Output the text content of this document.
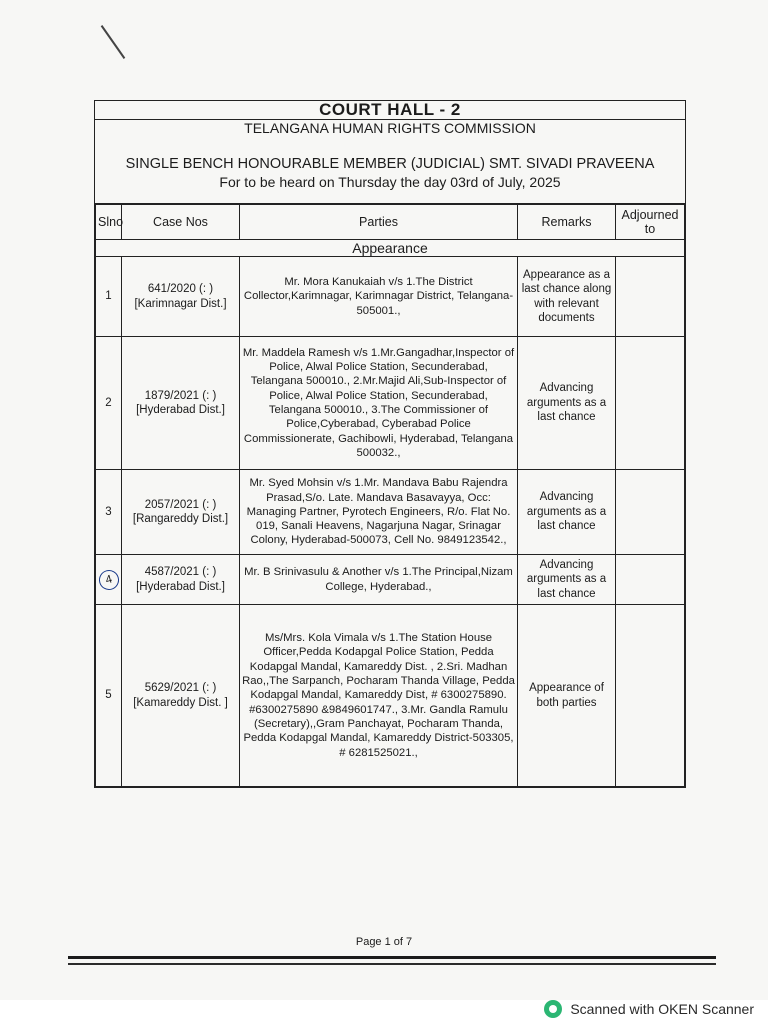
COURT HALL - 2
TELANGANA HUMAN RIGHTS COMMISSION
SINGLE BENCH HONOURABLE MEMBER (JUDICIAL) SMT. SIVADI PRAVEENA
For to be heard on Thursday the day 03rd of July, 2025
Slno	Case Nos	Parties	Remarks	Adjourned to
Appearance				
1	641/2020 (: )
[Karimnagar Dist.]	Mr. Mora Kanukaiah v/s 1.The District Collector,Karimnagar, Karimnagar District, Telangana-505001.,	Appearance as a last chance along with relevant documents	
2	1879/2021 (: )
[Hyderabad Dist.]	Mr. Maddela Ramesh v/s 1.Mr.Gangadhar,Inspector of Police, Alwal Police Station, Secunderabad, Telangana 500010., 2.Mr.Majid Ali,Sub-Inspector of Police, Alwal Police Station, Secunderabad, Telangana 500010., 3.The Commissioner of Police,Cyberabad, Cyberabad Police Commissionerate, Gachibowli, Hyderabad, Telangana 500032.,	Advancing arguments as a last chance	
3	2057/2021 (: )
[Rangareddy Dist.]	Mr. Syed Mohsin v/s 1.Mr. Mandava Babu Rajendra Prasad,S/o. Late. Mandava Basavayya, Occ: Managing Partner, Pyrotech Engineers, R/o. Flat No. 019, Sanali Heavens, Nagarjuna Nagar, Srinagar Colony, Hyderabad-500073, Cell No. 9849123542.,	Advancing arguments as a last chance	
4	4587/2021 (: )
[Hyderabad Dist.]	Mr. B Srinivasulu & Another v/s 1.The Principal,Nizam College, Hyderabad.,	Advancing arguments as a last chance	
5	5629/2021 (: )
[Kamareddy Dist. ]	Ms/Mrs. Kola Vimala v/s 1.The Station House Officer,Pedda Kodapgal Police Station, Pedda Kodapgal Mandal, Kamareddy Dist. , 2.Sri. Madhan Rao,,The Sarpanch, Pocharam Thanda Village, Pedda Kodapgal Mandal, Kamareddy Dist, # 6300275890. #6300275890 &9849601747., 3.Mr. Gandla Ramulu (Secretary),,Gram Panchayat, Pocharam Thanda, Pedda Kodapgal Mandal, Kamareddy District-503305, # 6281525021.,	Appearance of both parties	
Page 1 of 7
Scanned with OKEN Scanner
